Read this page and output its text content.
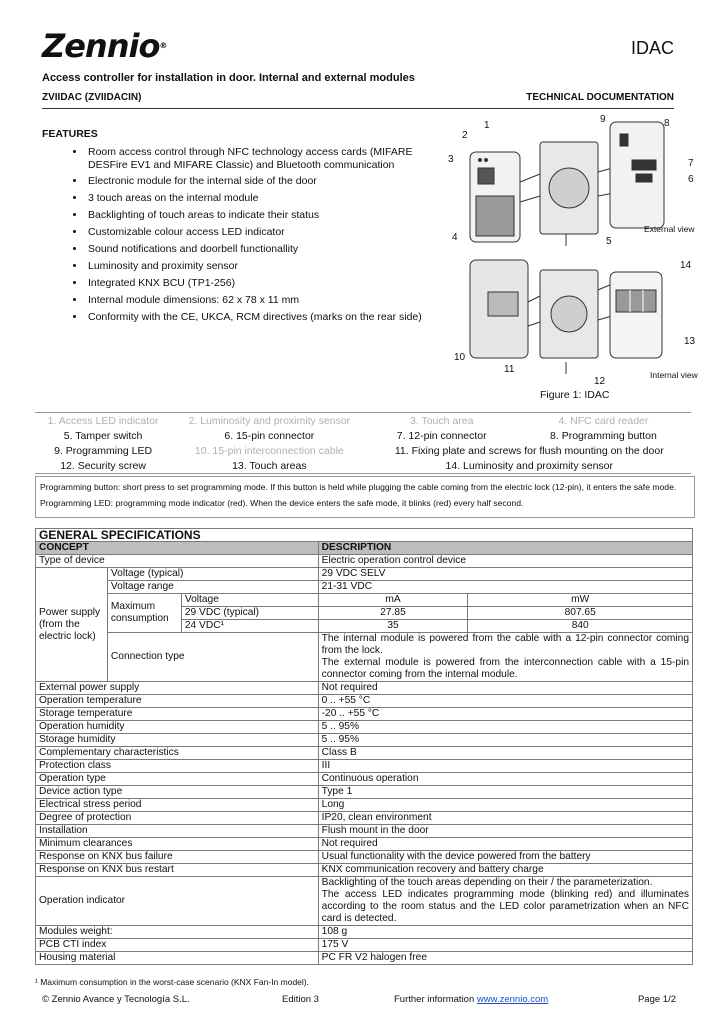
Zennio®	IDAC
Access controller for installation in door. Internal and external modules
ZVIIDAC (ZVIIDACIN)	TECHNICAL DOCUMENTATION
FEATURES
• Room access control through NFC technology access cards (MIFARE DESFire EV1 and MIFARE Classic) and Bluetooth communication
• Electronic module for the internal side of the door
• 3 touch areas on the internal module
• Backlighting of touch areas to indicate their status
• Customizable colour access LED indicator
• Sound notifications and doorbell functionallity
• Luminosity and proximity sensor
• Integrated KNX BCU (TP1-256)
• Internal module dimensions: 62 x 78 x 11 mm
• Conformity with the CE, UKCA, RCM directives (marks on the rear side)
1
2
3
4	5
6
7
8
9
10
11
12
13
14
External view
Internal view
Figure 1: IDAC
1. Access LED indicator	2. Luminosity and proximity sensor	3. Touch area	4. NFC card reader
5. Tamper switch	6. 15-pin connector	7. 12-pin connector	8. Programming button
9. Programming LED	10. 15-pin interconnection cable	11. Fixing plate and screws for flush mounting on the door	
12. Security screw	13. Touch areas	14. Luminosity and proximity sensor	

Programming button: short press to set programming mode. If this button is held while plugging the cable coming from the electric lock (12-pin), it enters the safe mode.

Programming LED: programming mode indicator (red). When the device enters the safe mode, it blinks (red) every half second.

GENERAL SPECIFICATIONS				
CONCEPT			DESCRIPTION	
Type of device			Electric operation control device	
Power supply (from the electric lock)	Voltage (typical)		29 VDC SELV	
	Voltage range		21-31 VDC	
	Maximum consumption	Voltage	mA	mW
		29 VDC (typical)	27.85	807.65
		24 VDC¹	35	840
	Connection type		The internal module is powered from the cable with a 12-pin connector coming from the lock.
The external module is powered from the interconnection cable with a 15-pin connector coming from the internal module.	

External power supply			Not required	
Operation temperature			0 .. +55 °C	
Storage temperature			-20 .. +55 °C	
Operation humidity			5 .. 95%	
Storage humidity			5 .. 95%	
Complementary characteristics			Class B	
Protection class			III	
Operation type			Continuous operation	
Device action type			Type 1	
Electrical stress period			Long	
Degree of protection			IP20, clean environment	
Installation			Flush mount in the door	
Minimum clearances			Not required	
Response on KNX bus failure			Usual functionality with the device powered from the battery	
Response on KNX bus restart			KNX communication recovery and battery charge	
Operation indicator			Backlighting of the touch areas depending on their / the parameterization.
The access LED indicates programming mode (blinking red) and illuminates according to the room status and the LED color parametrization when an NFC card is detected.	

Modules weight:			108 g	
PCB CTI index			175 V	
Housing material			PC FR V2 halogen free	
¹ Maximum consumption in the worst-case scenario (KNX Fan-In model).
© Zennio Avance y Tecnología S.L.	Edition 3	Further information www.zennio.com	Page 1/2
